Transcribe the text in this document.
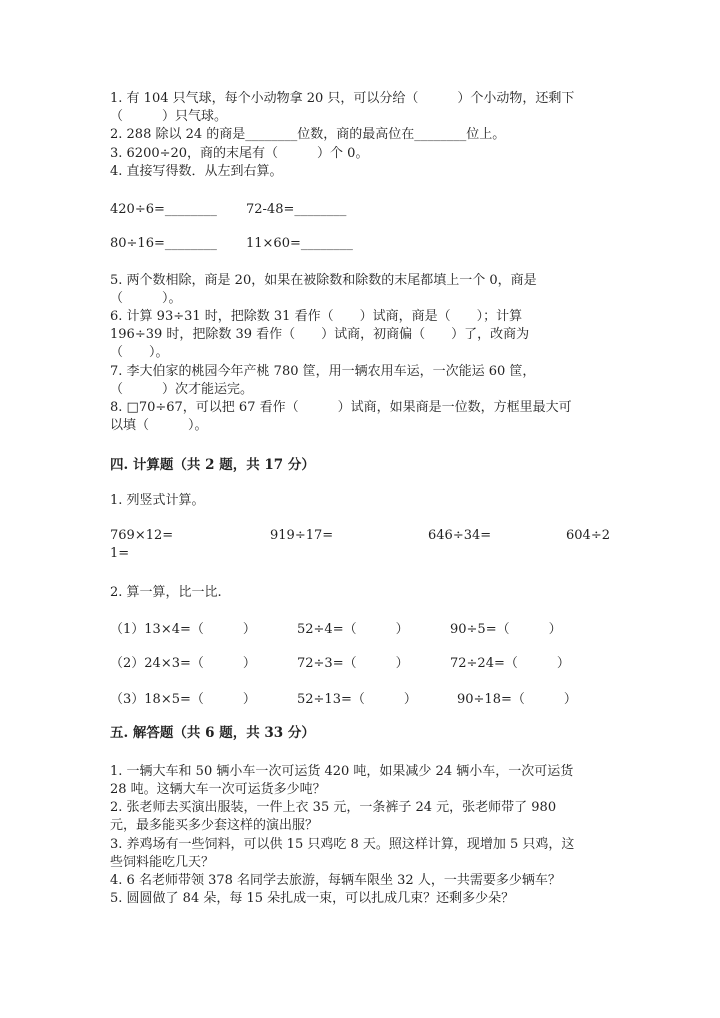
1. 有 104 只气球，每个小动物拿 20 只，可以分给（　　　）个小动物，还剩下
（　　　）只气球。
2. 288 除以 24 的商是________位数，商的最高位在________位上。
3. 6200÷20，商的末尾有（　　　）个 0。
4. 直接写得数．从左到右算。
420÷6=________ 72-48=________
80÷16=________ 11×60=________
5. 两个数相除，商是 20，如果在被除数和除数的末尾都填上一个 0，商是
（　　　）。
6. 计算 93÷31 时，把除数 31 看作（　　）试商，商是（　　）；计算
196÷39 时，把除数 39 看作（　　）试商，初商偏（　　）了，改商为
（　　）。
7. 李大伯家的桃园今年产桃 780 筐，用一辆农用车运，一次能运 60 筐，
（　　　）次才能运完。
8. □70÷67，可以把 67 看作（　　　）试商，如果商是一位数，方框里最大可
以填（　　　）。
四. 计算题（共 2 题，共 17 分）
1. 列竖式计算。
769×12=	919÷17=	646÷34=	604÷2
1=
2. 算一算，比一比.
（1）13×4=（　　　）	52÷4=（　　　）	90÷5=（　　　）
（2）24×3=（　　　）	72÷3=（　　　）	72÷24=（　　　）
（3）18×5=（　　　）	52÷13=（　　　）	90÷18=（　　　）
五. 解答题（共 6 题，共 33 分）
1. 一辆大车和 50 辆小车一次可运货 420 吨，如果减少 24 辆小车，一次可运货
28 吨。这辆大车一次可运货多少吨？
2. 张老师去买演出服装，一件上衣 35 元，一条裤子 24 元，张老师带了 980
元，最多能买多少套这样的演出服？
3. 养鸡场有一些饲料，可以供 15 只鸡吃 8 天。照这样计算，现增加 5 只鸡，这
些饲料能吃几天？
4. 6 名老师带领 378 名同学去旅游，每辆车限坐 32 人，一共需要多少辆车？
5. 圆圆做了 84 朵，每 15 朵扎成一束，可以扎成几束？还剩多少朵？
